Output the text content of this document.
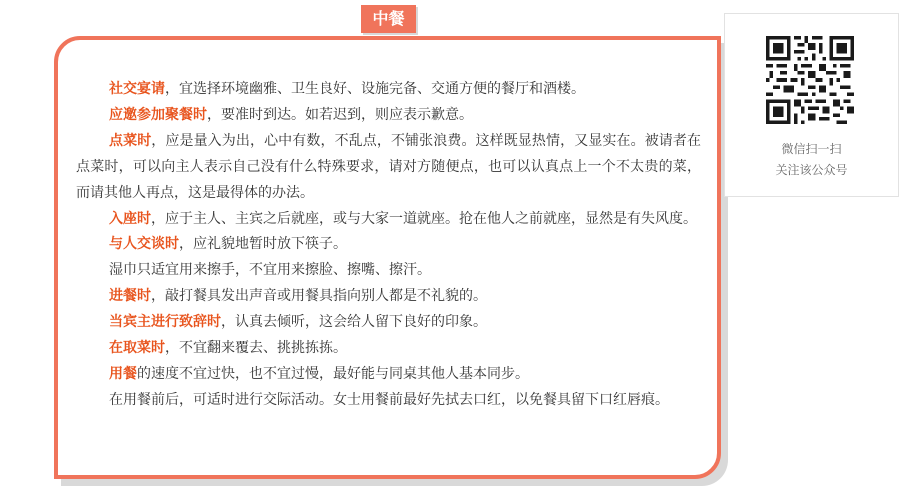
社交宴请，宜选择环境幽雅、卫生良好、设施完备、交通方便的餐厅和酒楼。

应邀参加聚餐时，要准时到达。如若迟到，则应表示歉意。

点菜时，应是量入为出，心中有数，不乱点，不铺张浪费。这样既显热情，又显实在。被请者在点菜时，可以向主人表示自己没有什么特殊要求，请对方随便点，也可以认真点上一个不太贵的菜，而请其他人再点，这是最得体的办法。

入座时，应于主人、主宾之后就座，或与大家一道就座。抢在他人之前就座，显然是有失风度。

与人交谈时，应礼貌地暂时放下筷子。

湿巾只适宜用来擦手，不宜用来擦脸、擦嘴、擦汗。

进餐时，敲打餐具发出声音或用餐具指向别人都是不礼貌的。

当宾主进行致辞时，认真去倾听，这会给人留下良好的印象。

在取菜时，不宜翻来覆去、挑挑拣拣。

用餐的速度不宜过快，也不宜过慢，最好能与同桌其他人基本同步。

在用餐前后，可适时进行交际活动。女士用餐前最好先拭去口红，以免餐具留下口红唇痕。

中餐
微信扫一扫
关注该公众号
